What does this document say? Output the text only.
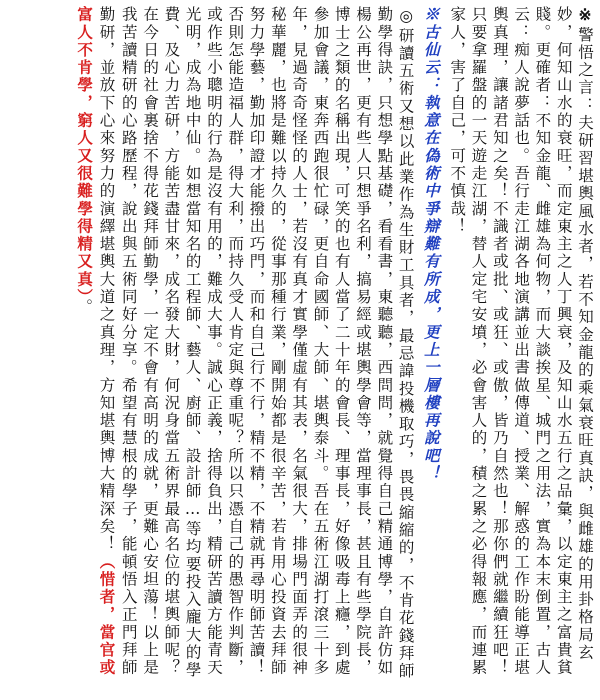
※警悟之言：夫研習堪輿風水者，若不知金龍的乘氣衰旺真訣，與雌雄的用卦格局玄妙，何知山水的衰旺，而定東主之人丁興衰，及知山水五行之品彙，以定東主之富貴貧賤。更確者：不知金龍、雌雄為何物，而大談挨星、城門之用法，實為本末倒置，古人云：痴人說夢話也。吾行走江湖各地演講並出書做傳道、授業、解惑的工作盼能導正堪輿真理，讓諸君知之矣！不識者或批、或狂、或傲，皆乃自然也！那你們就繼續狂吧！只要拿羅盤的一天遊走江湖，替人定宅安墳，必會害人的，積之累之必得報應，而連累家人，害了自己，可不慎哉！
※古仙云：執意在偽術中爭辯難有所成，更上一層樓再說吧！
◎研讀五術又想以此業作為生財工具者，最忌諱投機取巧，畏畏縮縮的，不肯花錢拜師勤學得訣，只想學點基礎，看看書，東聽聽，西問問，就覺得自己精通博學，自許仿如楊公再世，更有些人只想爭名利，搞易經或堪輿學會等，當理事長，甚且有些學院長，博士之類的名稱出現，可笑的也有人當了二十年的會長、理事長，好像吸毒上癮，到處參加會議，東奔西跑很忙碌，更自命國師、大師、堪輿泰斗。吾在五術江湖打滾三十多年，見過奇奇怪怪的人士，若沒有真才實學僅虛有其表，名氣很大，排場門面弄的很神秘華麗，也將是難以持久的，從事那種行業，剛開始都是很辛苦，若肯用心投資去拜師努力學藝，勤加印證才能撥出巧門，而和自己行不行，精不精，不精就再尋明師苦讀！否則怎能造福人群，得大利，而持久受人肯定與尊重呢？所以只憑自己的愚智作判斷，或作些小聰明的行為是沒有用的，難成大事。誠心正義，捨得負出，精研苦讀方能青天光明，成為地中仙。如想當知名的工程師、藝人、廚師、設計師…等均要投入龐大的學費、及心力苦研，方能苦盡甘來，成名發大財，何況身當五術界最高名位的堪輿師呢？在今日的社會裏捨不得花錢拜師勤學，一定不會有高明的成就，更難心安坦蕩！以上是我苦讀精研的心路歷程，說出與五術同好分享。希望有慧根的學子，能頓悟入正門拜師勤研，並放下心來努力的演繹堪輿大道之真理，方知堪輿博大精深矣！（惜者，當官或富人不肯學，窮人又很難學得精又真）。
